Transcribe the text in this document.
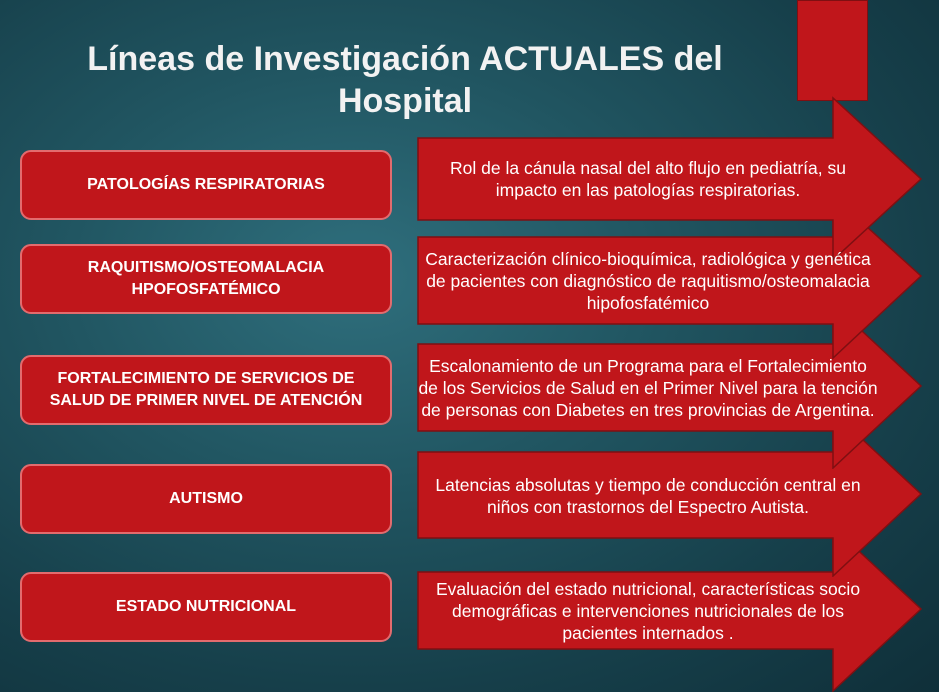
Líneas de Investigación ACTUALES del Hospital
Rol de la cánula nasal del alto flujo en pediatría, su impacto en las patologías respiratorias.
Caracterización clínico-bioquímica, radiológica y genética de pacientes con diagnóstico de raquitismo/osteomalacia hipofosfatémico
Escalonamiento de un Programa para el Fortalecimiento de los Servicios de Salud en el Primer Nivel para la tención de personas con Diabetes en tres provincias de Argentina.
Latencias absolutas y tiempo de conducción central en niños con trastornos del Espectro Autista.
Evaluación del estado nutricional, características socio demográficas e intervenciones nutricionales de los pacientes internados .
PATOLOGÍAS RESPIRATORIAS
RAQUITISMO/OSTEOMALACIA HPOFOSFATÉMICO
FORTALECIMIENTO DE SERVICIOS DE SALUD DE PRIMER NIVEL DE ATENCIÓN
AUTISMO
ESTADO NUTRICIONAL
